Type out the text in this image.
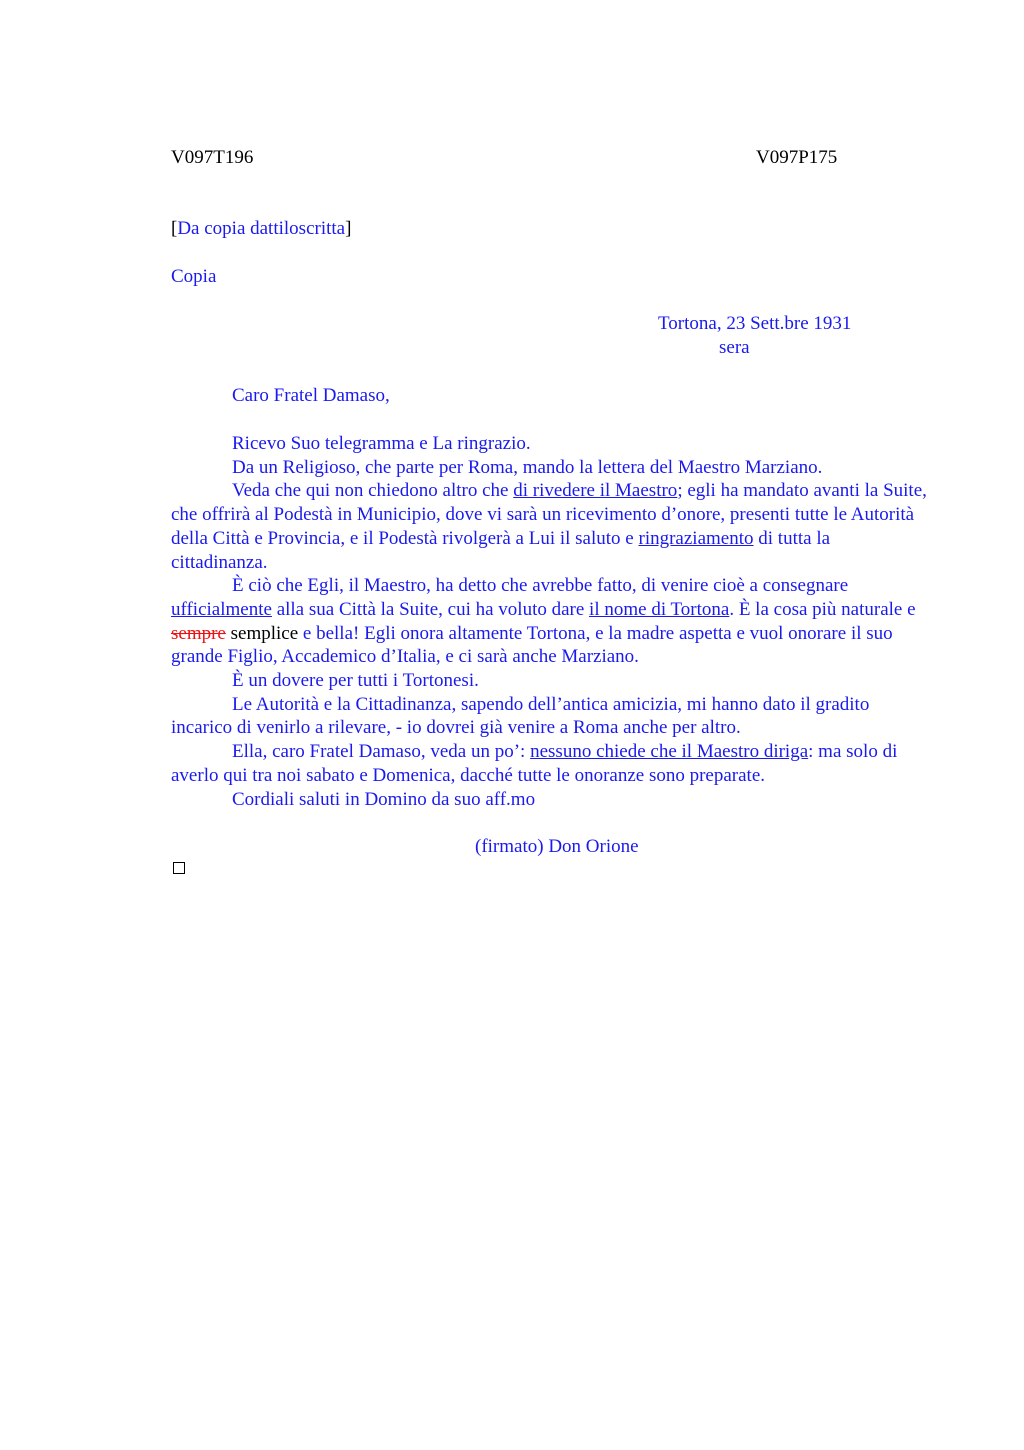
V097T196	V097P175
[Da copia dattiloscritta]
Copia
Tortona, 23 Sett.bre 1931
sera
Caro Fratel Damaso,

Ricevo Suo telegramma e La ringrazio.

Da un Religioso, che parte per Roma, mando la lettera del Maestro Marziano.

Veda che qui non chiedono altro che di rivedere il Maestro; egli ha mandato avanti la Suite, che offrirà al Podestà in Municipio, dove vi sarà un ricevimento d’onore, presenti tutte le Autorità della Città e Provincia, e il Podestà rivolgerà a Lui il saluto e ringraziamento di tutta la cittadinanza.

È ciò che Egli, il Maestro, ha detto che avrebbe fatto, di venire cioè a consegnare ufficialmente alla sua Città la Suite, cui ha voluto dare il nome di Tortona. È la cosa più naturale e sempre semplice e bella! Egli onora altamente Tortona, e la madre aspetta e vuol onorare il suo grande Figlio, Accademico d’Italia, e ci sarà anche Marziano.

È un dovere per tutti i Tortonesi.

Le Autorità e la Cittadinanza, sapendo dell’antica amicizia, mi hanno dato il gradito incarico di venirlo a rilevare, - io dovrei già venire a Roma anche per altro.

Ella, caro Fratel Damaso, veda un po’: nessuno chiede che il Maestro diriga: ma solo di averlo qui tra noi sabato e Domenica, dacché tutte le onoranze sono preparate.

Cordiali saluti in Domino da suo aff.mo

(firmato) Don Orione
